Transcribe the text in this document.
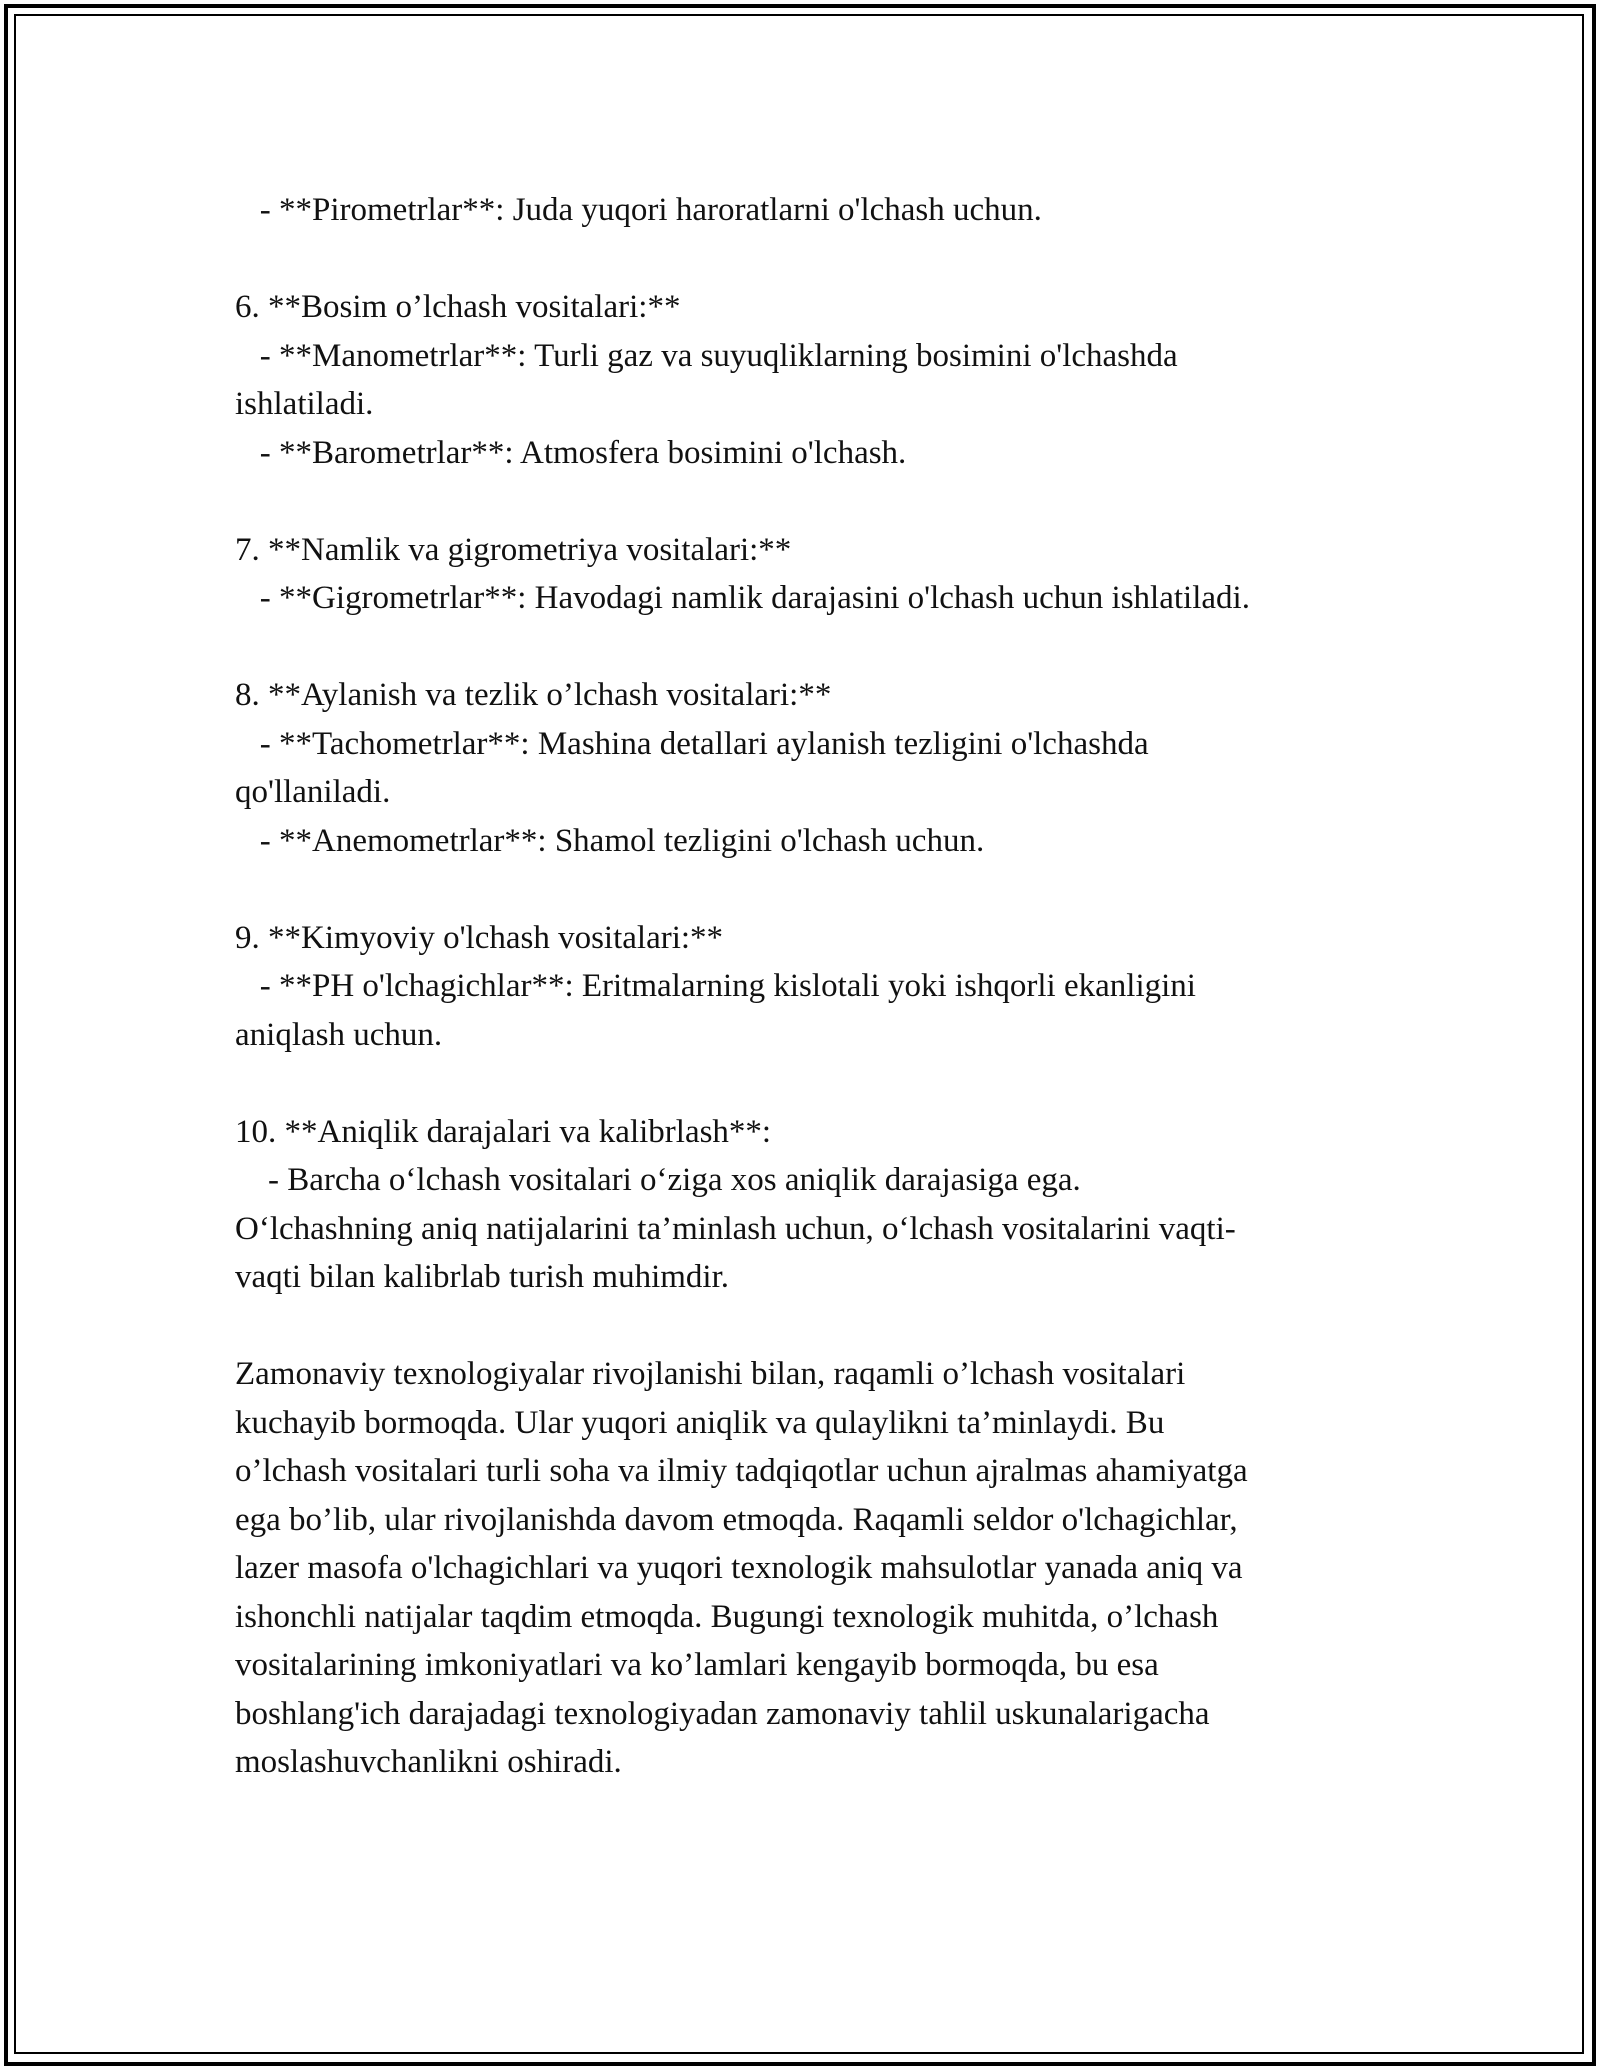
- **Pirometrlar**: Juda yuqori haroratlarni o'lchash uchun.
6. **Bosim o’lchash vositalari:**
- **Manometrlar**: Turli gaz va suyuqliklarning bosimini o'lchashda
ishlatiladi.
- **Barometrlar**: Atmosfera bosimini o'lchash.
7. **Namlik va gigrometriya vositalari:**
- **Gigrometrlar**: Havodagi namlik darajasini o'lchash uchun ishlatiladi.
8. **Aylanish va tezlik o’lchash vositalari:**
- **Tachometrlar**: Mashina detallari aylanish tezligini o'lchashda
qo'llaniladi.
- **Anemometrlar**: Shamol tezligini o'lchash uchun.
9. **Kimyoviy o'lchash vositalari:**
- **PH o'lchagichlar**: Eritmalarning kislotali yoki ishqorli ekanligini
aniqlash uchun.
10. **Aniqlik darajalari va kalibrlash**:
- Barcha o‘lchash vositalari o‘ziga xos aniqlik darajasiga ega.
O‘lchashning aniq natijalarini ta’minlash uchun, o‘lchash vositalarini vaqti-
vaqti bilan kalibrlab turish muhimdir.
Zamonaviy texnologiyalar rivojlanishi bilan, raqamli o’lchash vositalari
kuchayib bormoqda. Ular yuqori aniqlik va qulaylikni ta’minlaydi. Bu
o’lchash vositalari turli soha va ilmiy tadqiqotlar uchun ajralmas ahamiyatga
ega bo’lib, ular rivojlanishda davom etmoqda. Raqamli seldor o'lchagichlar,
lazer masofa o'lchagichlari va yuqori texnologik mahsulotlar yanada aniq va
ishonchli natijalar taqdim etmoqda. Bugungi texnologik muhitda, o’lchash
vositalarining imkoniyatlari va ko’lamlari kengayib bormoqda, bu esa
boshlang'ich darajadagi texnologiyadan zamonaviy tahlil uskunalarigacha
moslashuvchanlikni oshiradi.
